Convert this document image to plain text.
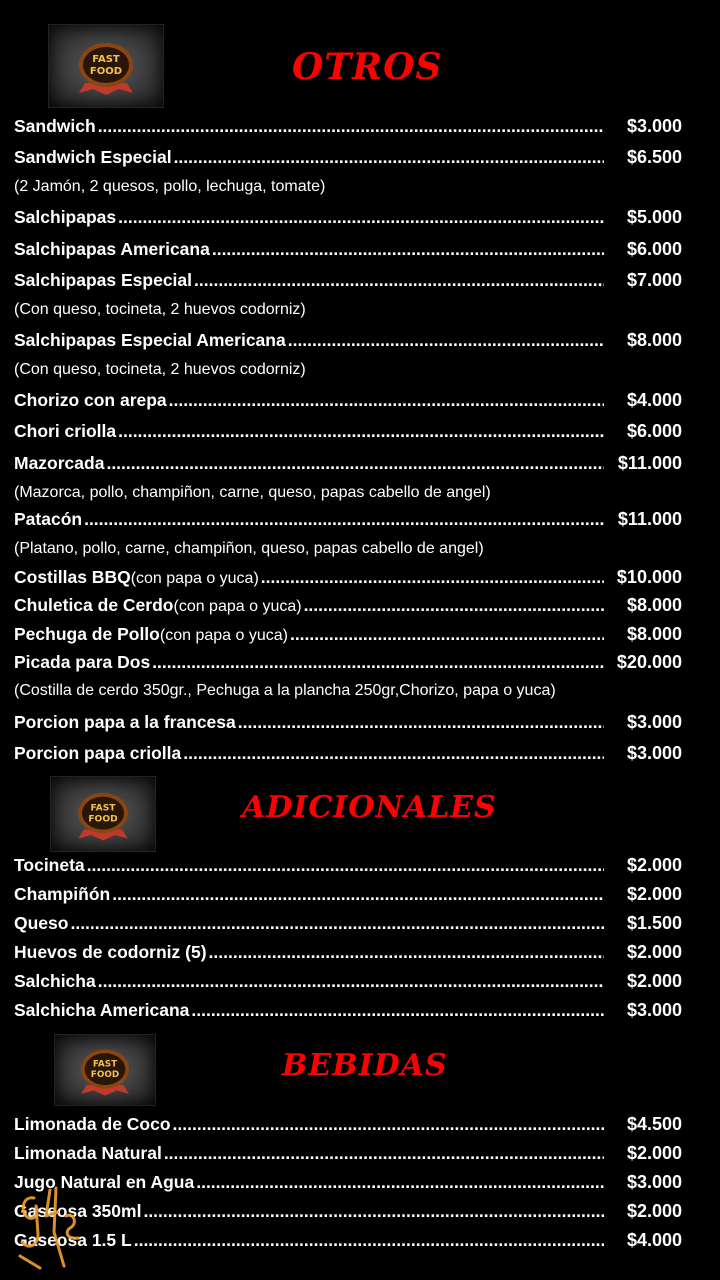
FAST
FOOD	OTROS
Sandwich .....	$3.000
Sandwich Especial .....	$6.500
(2 Jamón, 2 quesos, pollo, lechuga, tomate)
Salchipapas .....	$5.000
Salchipapas Americana .....	$6.000
Salchipapas Especial .....	$7.000
(Con queso, tocineta, 2 huevos codorniz)
Salchipapas Especial Americana .....	$8.000
(Con queso, tocineta, 2 huevos codorniz)
Chorizo con arepa .....	$4.000
Chori criolla .....	$6.000
Mazorcada .....	$11.000
(Mazorca, pollo, champiñon, carne, queso, papas cabello de angel)
Patacón .....	$11.000
(Platano, pollo, carne, champiñon, queso, papas cabello de angel)
Costillas BBQ (con papa o yuca) .....	$10.000
Chuletica de Cerdo (con papa o yuca) .....	$8.000
Pechuga de Pollo (con papa o yuca) .....	$8.000
Picada para Dos .....	$20.000
(Costilla de cerdo 350gr., Pechuga a la plancha 250gr,Chorizo, papa o yuca)
Porcion papa a la francesa .....	$3.000
Porcion papa criolla .....	$3.000
FAST
FOOD	ADICIONALES
Tocineta .....	$2.000
Champiñón .....	$2.000
Queso .....	$1.500
Huevos de codorniz (5) .....	$2.000
Salchicha .....	$2.000
Salchicha Americana .....	$3.000
FAST
FOOD	BEBIDAS
Limonada de Coco .....	$4.500
Limonada Natural .....	$2.000
Jugo Natural en Agua .....	$3.000
Gaseosa 350ml .....	$2.000
Gaseosa 1.5 L .....	$4.000
